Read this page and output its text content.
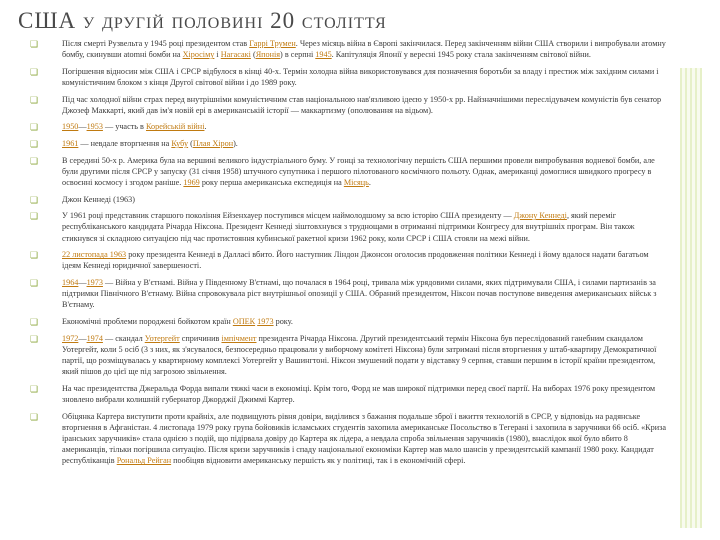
США у другій половині 20 століття
❏	Після смерті Рузвельта у 1945 році президентом став Гаррі Трумен. Через місяць війна в Європі закінчилася. Перед закінченням війни США створили і випробували атомну бомбу, скинувши atomні бомби на Хіросіму і Нагасакі (Японія) в серпні 1945. Капітуляція Японії у вересні 1945 року стала закінченням світової війни.
❏	Погіршення відносин між США і СРСР відбулося в кінці 40-х. Термін холодна війна використовувався для позначення боротьби за владу і престиж між західним силами і комуністичним блоком з кінця Другої світової війни і до 1989 року.
❏	Під час холодної війни страх перед внутрішніми комуністичним став національною нав'язливою ідеєю у 1950-х рр. Найзначнішими переслідувачем комуністів був сенатор Джозеф Маккарті, який дав ім'я новій ері в американській історії — маккартизму (ополювання на відьом).
❏	1950—1953 — участь в Корейській війні.
❏	1961 — невдале вторгнення на Кубу (Плая Хірон).
❏	В середині 50-х р. Америка була на вершині великого індустріального буму. У гонці за технологічну першість США першими провели випробування водневої бомби, але були другими після СРСР у запуску (31 січня 1958) штучного супутника і першого пілотованого космічного польоту. Однак, американці домоглися швидкого прогресу в освоєнні космосу і згодом раніше. 1969 року перша американська експедиція на Місяць.
❏	Джон Кеннеді (1963)
❏	У 1961 році представник старшого покоління Ейзенхауер поступився місцем наймолодшому за всю історію США президенту — Джону Кеннеді, який переміг республіканського кандидата Річарда Ніксона. Президент Кеннеді зіштовхнувся з труднощами в отриманні підтримки Конгресу для внутрішніх програм. Він також стикнувся зі складною ситуацією під час протистояння кубинської ракетної кризи 1962 року, коли СРСР і США стояли на межі війни.
❏	22 листопада 1963 року президента Кеннеді в Далласі вбито. Його наступник Ліндон Джонсон оголосив продовження політики Кеннеді і йому вдалося надати багатьом ідеям Кеннеді юридичної завершеності.
❏	1964—1973 — Війна у В'єтнамі. Війна у Південному В'єтнамі, що почалася в 1964 році, тривала між урядовими силами, яких підтримували США, і силами партизанів за підтримки Північного В'єтнаму. Війна спровокувала ріст внутрішньої опозиції у США. Обраний президентом, Ніксон почав поступове виведення американських військ з В'єтнаму.
❏	Економічні проблеми породжені бойкотом країн ОПЕК 1973 року.
❏	1972—1974 — скандал Уотергейт спричинив імпічмент президента Річарда Ніксона. Другий президентський термін Ніксона був переслідований ганебним скандалом Уотергейт, коли 5 осіб (3 з них, як з'ясувалося, безпосередньо працювали у виборчому комітеті Ніксона) були затримані після вторгнення у штаб-квартиру Демократичної партії, що розміщувалась у квартирному комплексі Уотергейт у Вашингтоні. Ніксон змушений подати у відставку 9 серпня, ставши першим в історії країни президентом, який пішов до цієї ще під загрозою звільнення.
❏	На час президентства Джеральда Форда випали тяжкі часи в економіці. Крім того, Форд не мав широкої підтримки перед своєї партії. На виборах 1976 року президентом зновлено вибрали колишній губернатор Джорджії Джиммі Картер.
❏	Обіцянка Картера виступити проти крайніх, але подвищують рівня довіри, виділився з бажання подальше зброї і вжиття технологій в СРСР, у відповідь на радянське вторгнення в Афганістан. 4 листопада 1979 року група бойовиків ісламських студентів захопила американське Посольство в Тегерані і захопила в заручники 66 осіб. «Криза іранських заручників» стала однією з подій, що підірвала довіру до Картера як лідера, а невдала спроба звільнення заручників (1980), внаслідок якої було вбито 8 американців, тільки погіршила ситуацію. Після кризи заручників і спаду національної економіки Картер мав мало шансів у президентській кампанії 1980 року. Кандидат республіканців Рональд Рейган пообіцяв відновити американську першість як у політиці, так і в економічній сфері.
